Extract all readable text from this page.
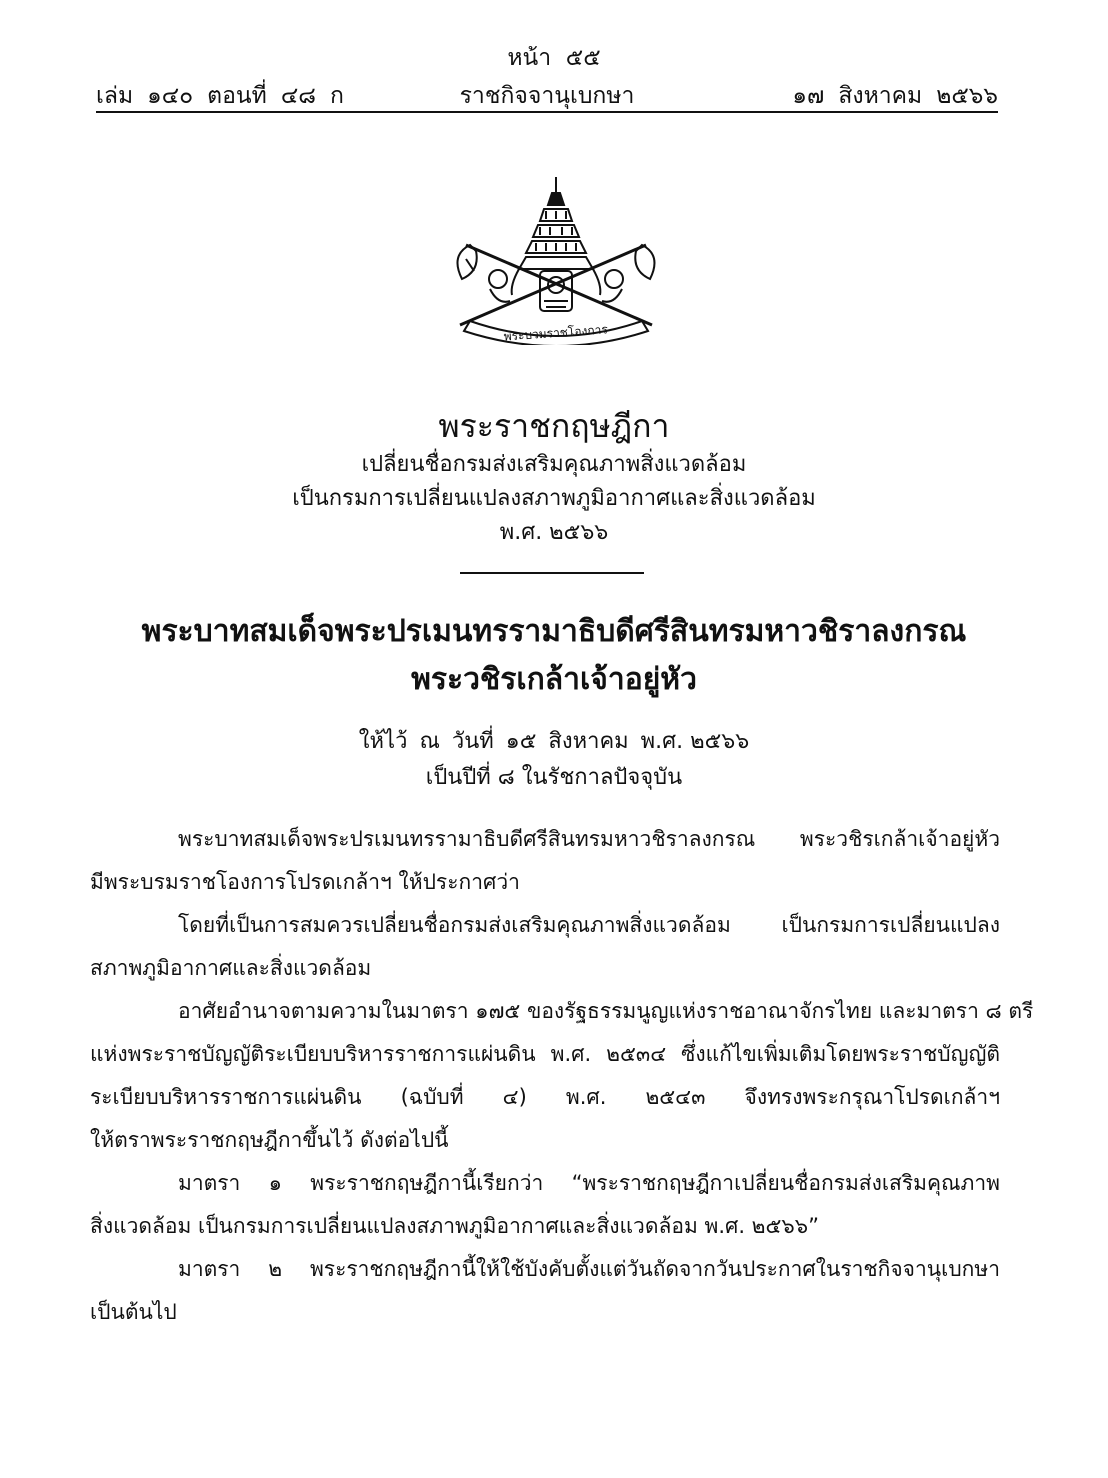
หน้า ๕๕
เล่ม ๑๔๐ ตอนที่ ๔๘ ก	ราชกิจจานุเบกษา	๑๗ สิงหาคม ๒๕๖๖
พระบวมราชโองการ
พระราชกฤษฎีกา
เปลี่ยนชื่อกรมส่งเสริมคุณภาพสิ่งแวดล้อม
เป็นกรมการเปลี่ยนแปลงสภาพภูมิอากาศและสิ่งแวดล้อม
พ.ศ. ๒๕๖๖
พระบาทสมเด็จพระปรเมนทรรามาธิบดีศรีสินทรมหาวชิราลงกรณ
พระวชิรเกล้าเจ้าอยู่หัว
ให้ไว้ ณ วันที่ ๑๕ สิงหาคม พ.ศ. ๒๕๖๖
เป็นปีที่ ๘ ในรัชกาลปัจจุบัน

พระบาทสมเด็จพระปรเมนทรรามาธิบดีศรีสินทรมหาวชิราลงกรณ พระวชิรเกล้าเจ้าอยู่หัว
มีพระบรมราชโองการโปรดเกล้าฯ ให้ประกาศว่า

โดยที่เป็นการสมควรเปลี่ยนชื่อกรมส่งเสริมคุณภาพสิ่งแวดล้อม เป็นกรมการเปลี่ยนแปลง
สภาพภูมิอากาศและสิ่งแวดล้อม

อาศัยอำนาจตามความในมาตรา ๑๗๕ ของรัฐธรรมนูญแห่งราชอาณาจักรไทย และมาตรา ๘ ตรี
แห่งพระราชบัญญัติระเบียบบริหารราชการแผ่นดิน พ.ศ. ๒๕๓๔ ซึ่งแก้ไขเพิ่มเติมโดยพระราชบัญญัติ
ระเบียบบริหารราชการแผ่นดิน (ฉบับที่ ๔) พ.ศ. ๒๕๔๓ จึงทรงพระกรุณาโปรดเกล้าฯ
ให้ตราพระราชกฤษฎีกาขึ้นไว้ ดังต่อไปนี้

มาตรา ๑ พระราชกฤษฎีกานี้เรียกว่า “พระราชกฤษฎีกาเปลี่ยนชื่อกรมส่งเสริมคุณภาพ
สิ่งแวดล้อม เป็นกรมการเปลี่ยนแปลงสภาพภูมิอากาศและสิ่งแวดล้อม พ.ศ. ๒๕๖๖”

มาตรา ๒ พระราชกฤษฎีกานี้ให้ใช้บังคับตั้งแต่วันถัดจากวันประกาศในราชกิจจานุเบกษา
เป็นต้นไป
